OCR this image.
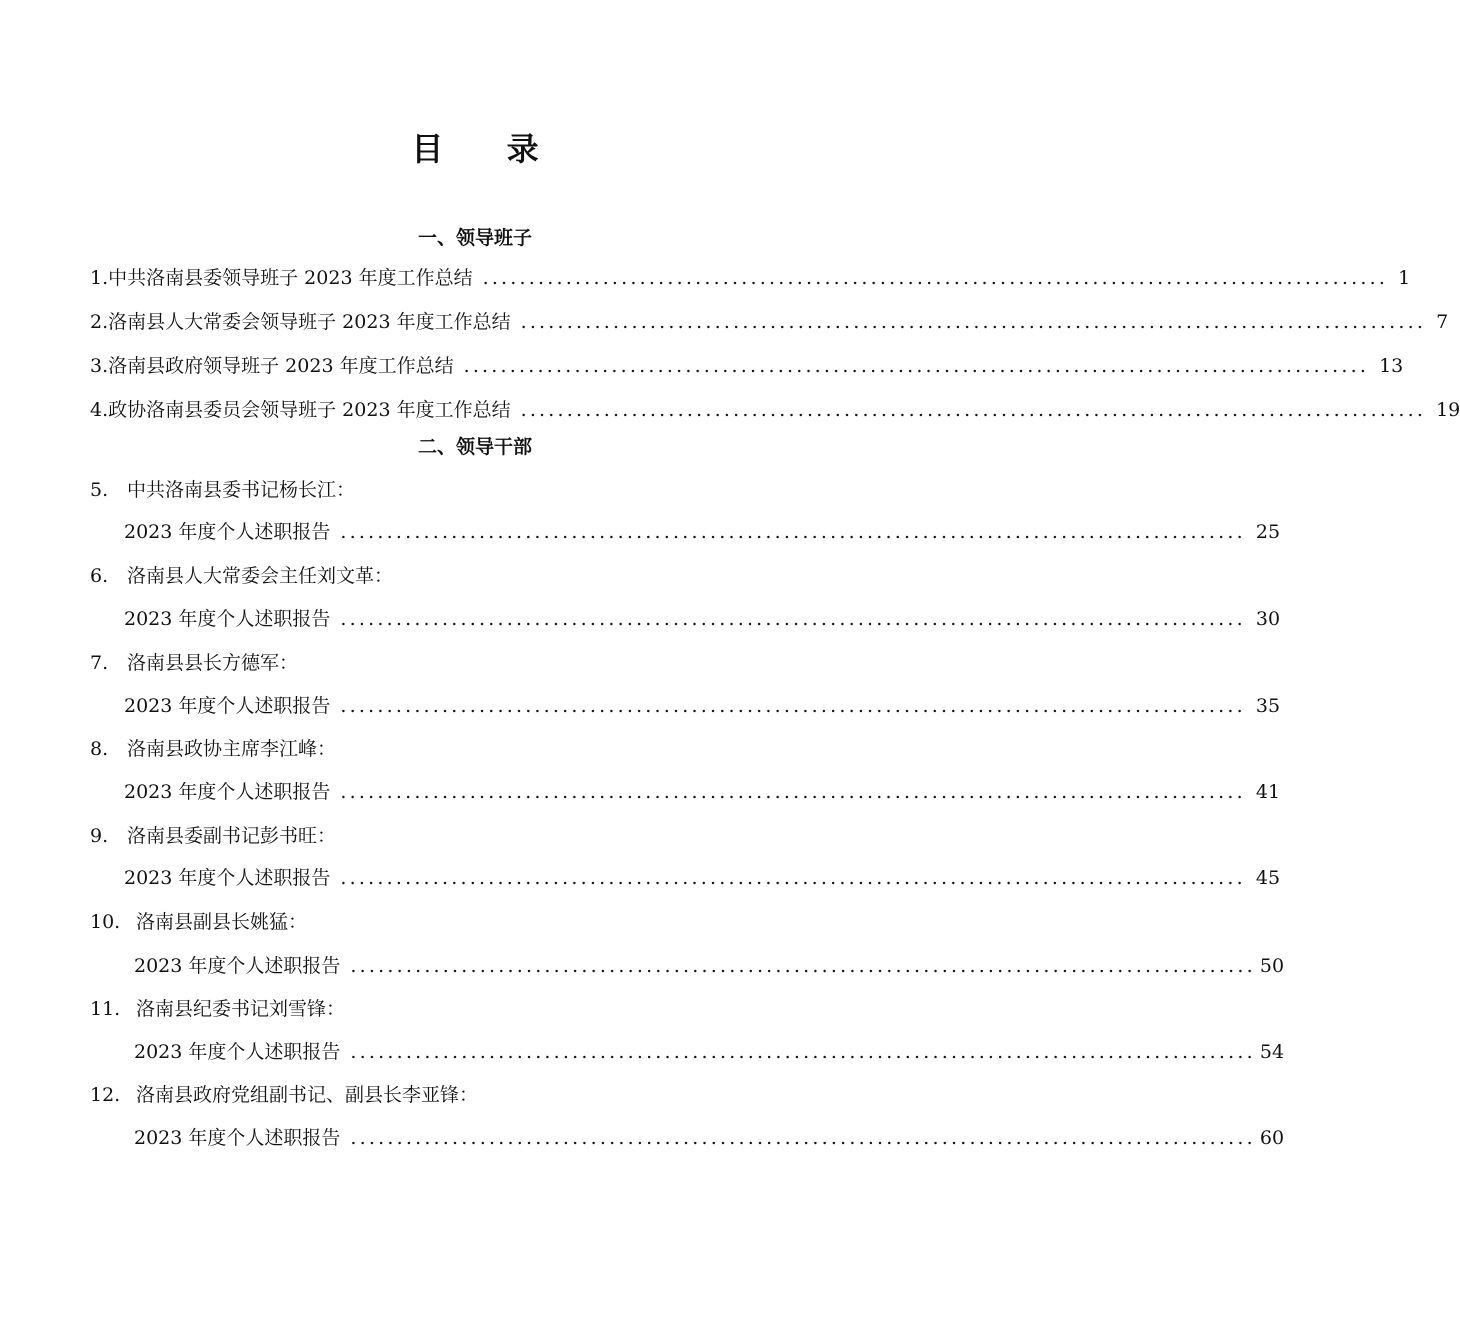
目 录
一、领导班子
1. 中共洛南县委领导班子 2023 年度工作总结 .................................................................................................. 1
2. 洛南县人大常委会领导班子 2023 年度工作总结 .................................................................................................. 7
3. 洛南县政府领导班子 2023 年度工作总结 .................................................................................................. 13
4. 政协洛南县委员会领导班子 2023 年度工作总结 .................................................................................................. 19
二、领导干部
5. 中共洛南县委书记杨长江：
2023 年度个人述职报告 .................................................................................................. 25
6. 洛南县人大常委会主任刘文革：
2023 年度个人述职报告 .................................................................................................. 30
7. 洛南县县长方德军：
2023 年度个人述职报告 .................................................................................................. 35
8. 洛南县政协主席李江峰：
2023 年度个人述职报告 .................................................................................................. 41
9. 洛南县委副书记彭书旺：
2023 年度个人述职报告 .................................................................................................. 45
10. 洛南县副县长姚猛：
2023 年度个人述职报告 .................................................................................................. 50
11. 洛南县纪委书记刘雪锋：
2023 年度个人述职报告 .................................................................................................. 54
12. 洛南县政府党组副书记、副县长李亚锋：
2023 年度个人述职报告 .................................................................................................. 60
